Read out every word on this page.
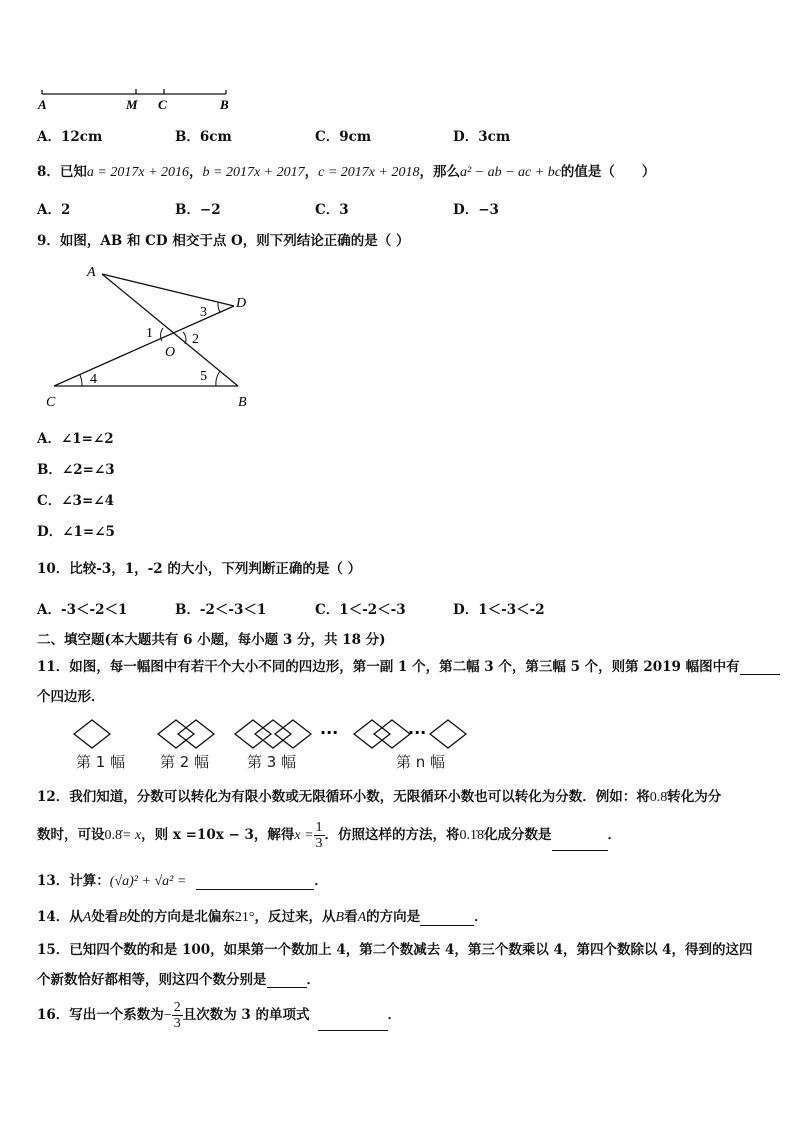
A	M C	B
A．12cm	B．6cm	C．9cm	D．3cm
8．已知a = 2017x + 2016，b = 2017x + 2017，c = 2017x + 2018，那么a² − ab − ac + bc的值是（　　）
A．2	B．−2	C．3	D．−3
9．如图，AB 和 CD 相交于点 O，则下列结论正确的是（ ）
A
D
3
1	2
O
4	5
C	B
A．∠1=∠2
B．∠2=∠3
C．∠3=∠4
D．∠1=∠5
10．比较-3，1，-2 的大小，下列判断正确的是（ ）
A．-3＜-2＜1	B．-2＜-3＜1	C．1＜-2＜-3	D．1＜-3＜-2
二、填空题(本大题共有 6 小题，每小题 3 分，共 18 分)
11．如图，每一幅图中有若干个大小不同的四边形，第一副 1 个，第二幅 3 个，第三幅 5 个，则第 2019 幅图中有
个四边形．
···	···
第 1 幅 第 2 幅	第 3 幅	第 n 幅
12．我们知道，分数可以转化为有限小数或无限循环小数，无限循环小数也可以转化为分数．例如：将0.8̇转化为分
数时，可设0.8̇= x，则 x =10x − 3，解得$x = \frac{1}{3}$ ．仿照这样的方法，将0.1̇8̇化成分数是	．
13．计算：(√a)² + √a² =	．
14．从A处看B处的方向是北偏东21°，反过来，从B看A的方向是	．
15．已知四个数的和是 100，如果第一个数加上 4，第二个数减去 4，第三个数乘以 4，第四个数除以 4，得到的这四
个新数恰好都相等，则这四个数分别是	．
16．写出一个系数为− $\frac{2}{3}$ 且次数为 3 的单项式	．
